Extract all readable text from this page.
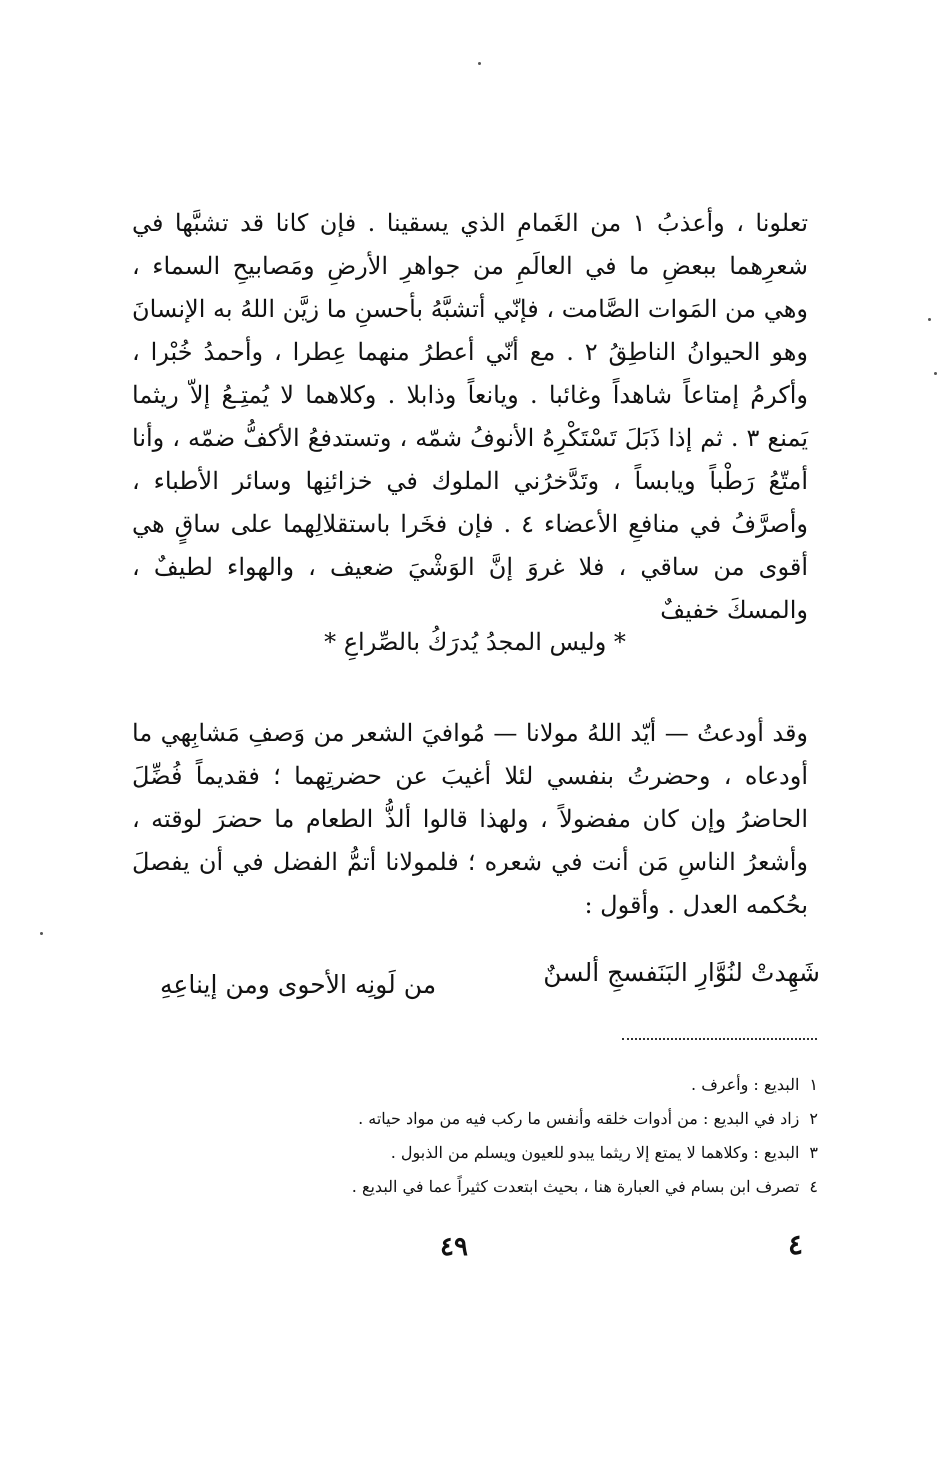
تعلونا ، وأعذبُ ١ من الغَمامِ الذي يسقينا . فإن كانا قد تشبَّها في شعرِهما ببعضِ ما في العالَمِ من جواهرِ الأرضِ ومَصابيحِ السماء ، وهي من المَوات الصَّامت ، فإنّي أتشبَّهُ بأحسنِ ما زيَّن اللهُ به الإنسانَ وهو الحيوانُ الناطِقُ ٢ . مع أنّي أعطرُ منهما عِطرا ، وأحمدُ خُبْرا ، وأكرمُ إمتاعاً شاهداً وغائبا . ويانعاً وذابلا . وكلاهما لا يُمتِـعُ إلاّ ريثما يَمنع ٣ . ثم إذا ذَبَلَ تَسْتَكْرِهُ الأنوفُ شمّه ، وتستدفعُ الأكفُّ ضمّه ، وأنا أمتّعُ رَطْباً ويابساً ، وتَدَّخرُني الملوك في خزائنِها وسائر الأطباء ، وأصرَّفُ في منافعِ الأعضاء ٤ . فإن فخَرا باستقلالِهما على ساقٍ هي أقوى من ساقي ، فلا غروَ إنَّ الوَشْيَ ضعيف ، والهواء لطيفٌ ، والمسكَ خفيفٌ

* وليس المجدُ يُدرَكُ بالصِّراعِ *

وقد أودعتُ — أيّد اللهُ مولانا — مُوافيَ الشعر من وَصفِ مَشابِهي ما أودعاه ، وحضرتُ بنفسي لئلا أغيبَ عن حضرتِهما ؛ فقديماً فُضِّلَ الحاضرُ وإن كان مفضولاً ، ولهذا قالوا ألذُّ الطعام ما حضرَ لوقته ، وأشعرُ الناسِ مَن أنت في شعره ؛ فلمولانا أتمُّ الفضل في أن يفصلَ بحُكمه العدل . وأقول :

شَهِدتْ لنُوَّارِ البَنَفسجِ ألسنٌ
من لَونِه الأحوى ومن إيناعِهِ
١البديع : وأعرف .
٢زاد في البديع : من أدوات خلقه وأنفس ما ركب فيه من مواد حياته .
٣البديع : وكلاهما لا يمتع إلا ريثما يبدو للعيون ويسلم من الذبول .
٤تصرف ابن بسام في العبارة هنا ، بحيث ابتعدت كثيراً عما في البديع .
٤٩	٤
